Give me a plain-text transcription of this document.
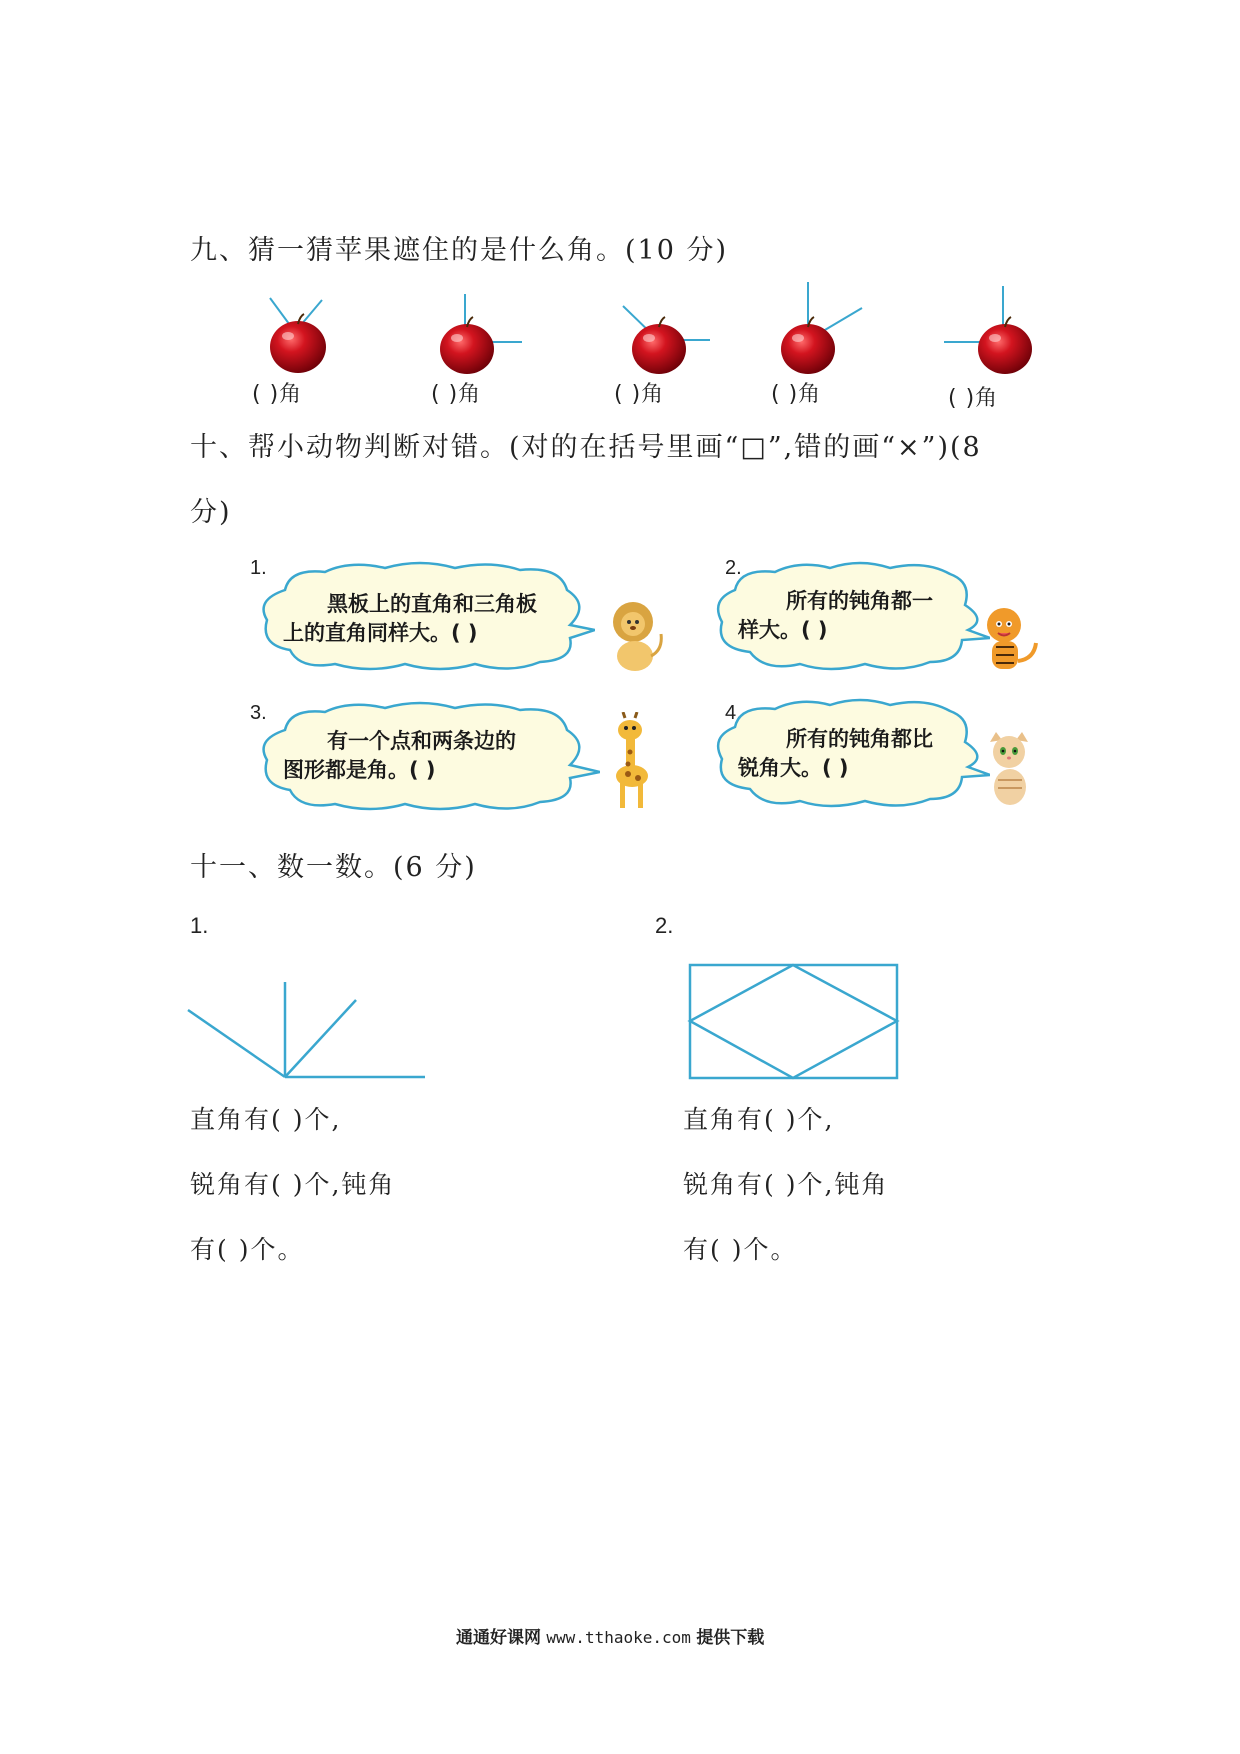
九、猜一猜苹果遮住的是什么角。(10 分)
( )角	( )角	( )角	( )角	( )角
十、帮小动物判断对错。(对的在括号里画“□”,错的画“×”)(8
分)
1.
黑板上的直角和三角板
上的直角同样大。( )
2.
所有的钝角都一
样大。( )
3.
有一个点和两条边的
图形都是角。( )
4.
所有的钝角都比
锐角大。( )
十一、数一数。(6 分)
1.	2.
直角有( )个,
锐角有( )个,钝角
有( )个。
直角有( )个,
锐角有( )个,钝角
有( )个。
通通好课网 www.tthaoke.com 提供下载
